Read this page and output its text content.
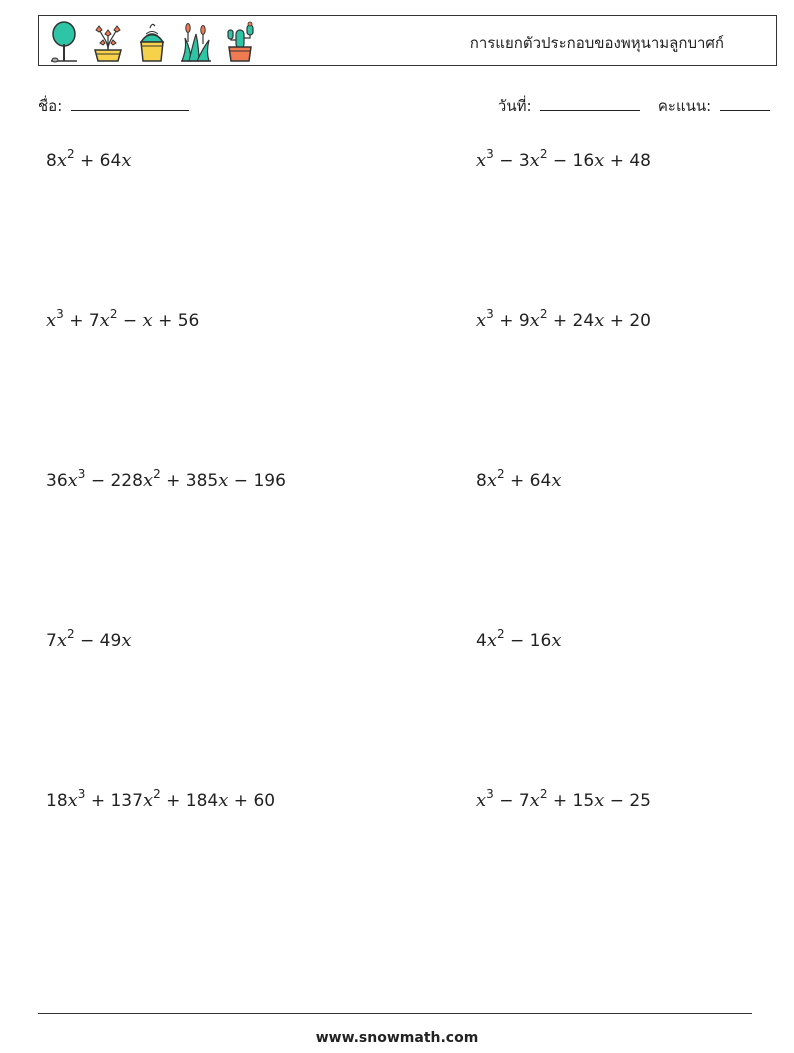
การแยกตัวประกอบของพหุนามลูกบาศก์
ชื่อ:	วันที่:	คะแนน:
$8x^2 + 64x$	$x^3 - 3x^2 - 16x + 48$
$x^3 + 7x^2 - x + 56$	$x^3 + 9x^2 + 24x + 20$
$36x^3 - 228x^2 + 385x - 196$	$8x^2 + 64x$
$7x^2 - 49x$	$4x^2 - 16x$
$18x^3 + 137x^2 + 184x + 60$	$x^3 - 7x^2 + 15x - 25$
www.snowmath.com
